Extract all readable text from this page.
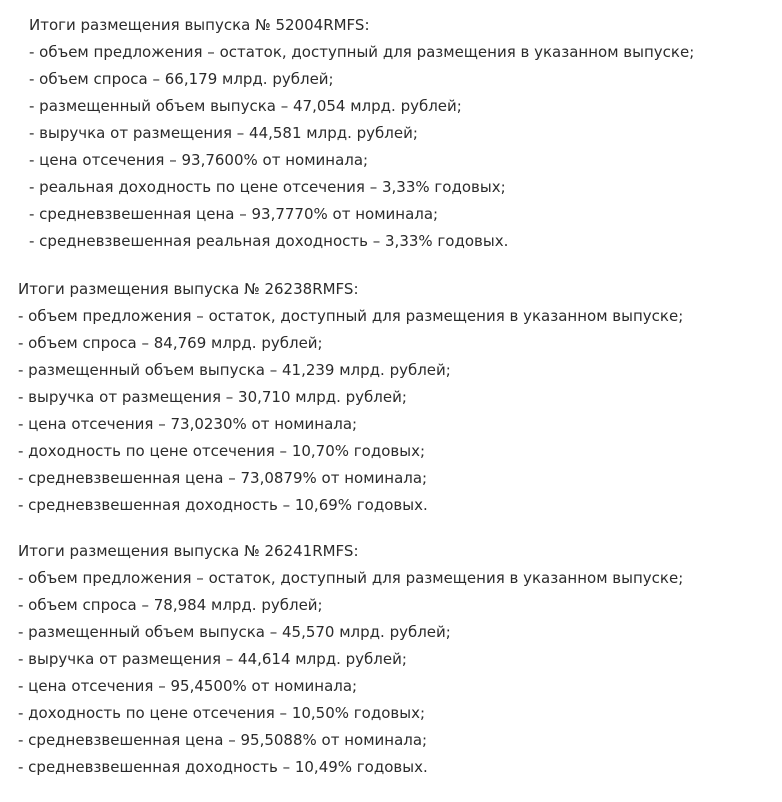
Итоги размещения выпуска № 52004RMFS:
- объем предложения – остаток, доступный для размещения в указанном выпуске;
- объем спроса – 66,179 млрд. рублей;
- размещенный объем выпуска – 47,054 млрд. рублей;
- выручка от размещения – 44,581 млрд. рублей;
- цена отсечения – 93,7600% от номинала;
- реальная доходность по цене отсечения – 3,33% годовых;
- средневзвешенная цена – 93,7770% от номинала;
- средневзвешенная реальная доходность – 3,33% годовых.
Итоги размещения выпуска № 26238RMFS:
- объем предложения – остаток, доступный для размещения в указанном выпуске;
- объем спроса – 84,769 млрд. рублей;
- размещенный объем выпуска – 41,239 млрд. рублей;
- выручка от размещения – 30,710 млрд. рублей;
- цена отсечения – 73,0230% от номинала;
- доходность по цене отсечения – 10,70% годовых;
- средневзвешенная цена – 73,0879% от номинала;
- средневзвешенная доходность – 10,69% годовых.
Итоги размещения выпуска № 26241RMFS:
- объем предложения – остаток, доступный для размещения в указанном выпуске;
- объем спроса – 78,984 млрд. рублей;
- размещенный объем выпуска – 45,570 млрд. рублей;
- выручка от размещения – 44,614 млрд. рублей;
- цена отсечения – 95,4500% от номинала;
- доходность по цене отсечения – 10,50% годовых;
- средневзвешенная цена – 95,5088% от номинала;
- средневзвешенная доходность – 10,49% годовых.
